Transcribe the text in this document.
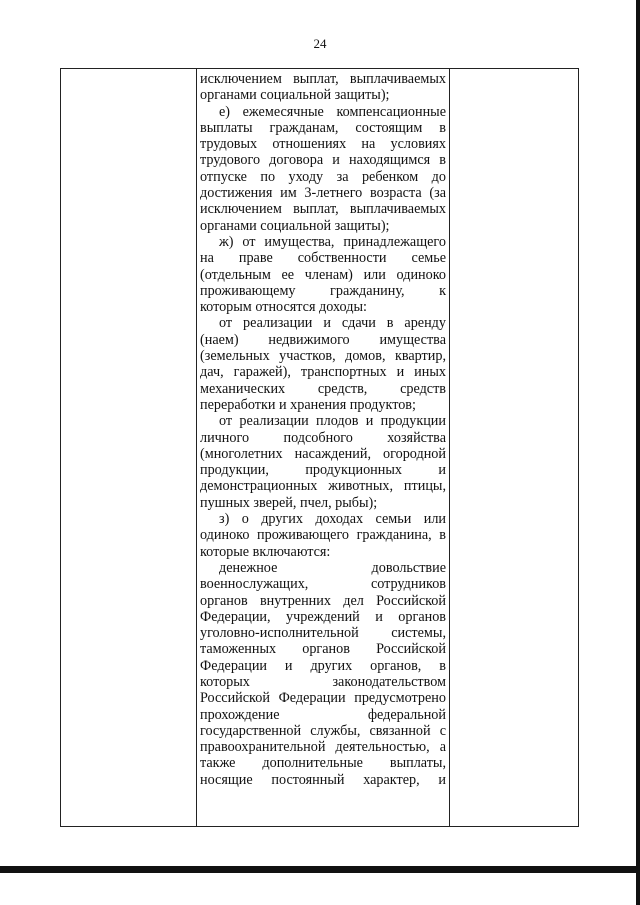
24
исключением выплат, выплачиваемых
органами социальной защиты);
е) ежемесячные компенсационные
выплаты гражданам, состоящим в
трудовых отношениях на условиях
трудового договора и находящимся в
отпуске по уходу за ребенком до
достижения им 3-летнего возраста (за
исключением выплат, выплачиваемых
органами социальной защиты);
ж) от имущества, принадлежащего
на праве собственности семье
(отдельным ее членам) или одиноко
проживающему гражданину, к
которым относятся доходы:
от реализации и сдачи в аренду
(наем) недвижимого имущества
(земельных участков, домов, квартир,
дач, гаражей), транспортных и иных
механических средств, средств
переработки и хранения продуктов;
от реализации плодов и продукции
личного подсобного хозяйства
(многолетних насаждений, огородной
продукции, продукционных и
демонстрационных животных, птицы,
пушных зверей, пчел, рыбы);
з) о других доходах семьи или
одиноко проживающего гражданина, в
которые включаются:
денежное довольствие
военнослужащих, сотрудников
органов внутренних дел Российской
Федерации, учреждений и органов
уголовно-исполнительной системы,
таможенных органов Российской
Федерации и других органов, в
которых законодательством
Российской Федерации предусмотрено
прохождение федеральной
государственной службы, связанной с
правоохранительной деятельностью, а
также дополнительные выплаты,
носящие постоянный характер, и
